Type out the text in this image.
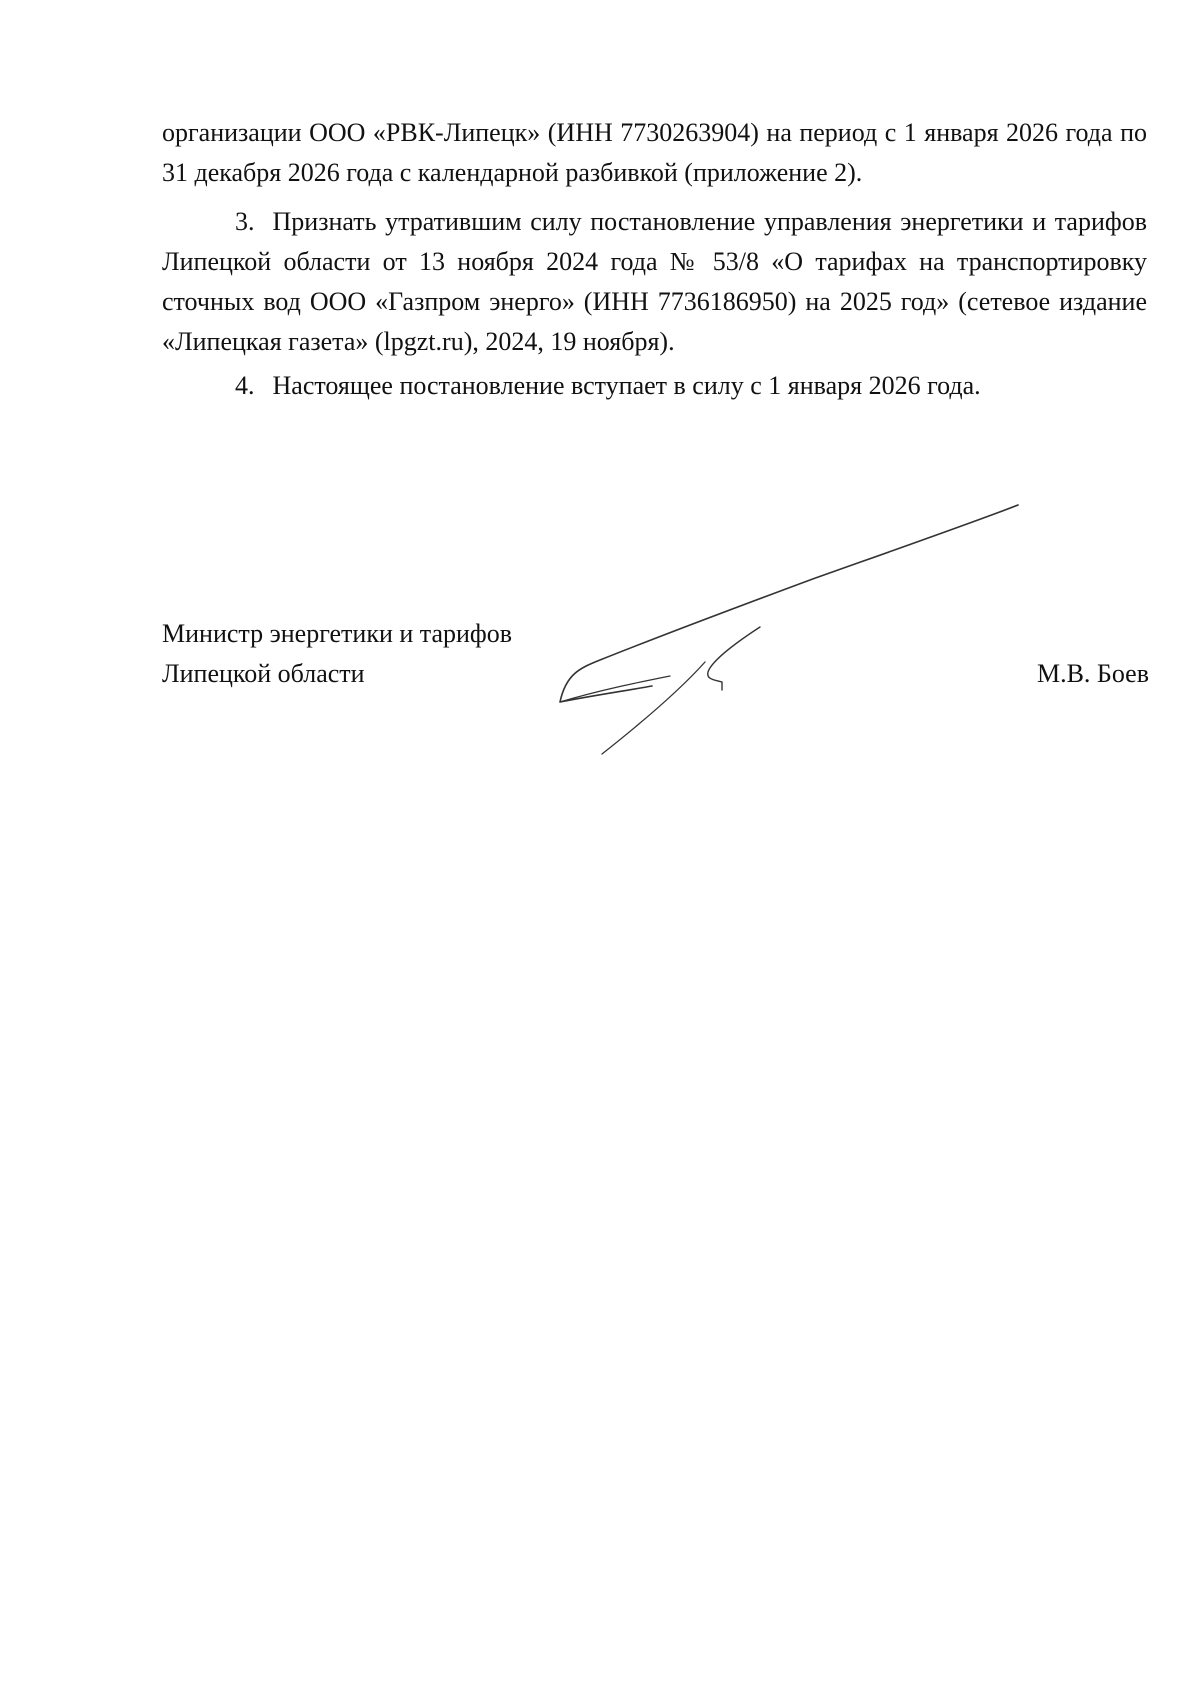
организации ООО «РВК-Липецк» (ИНН 7730263904) на период с 1 января 2026 года по 31 декабря 2026 года с календарной разбивкой (приложение 2).

3. Признать утратившим силу постановление управления энергетики и тарифов Липецкой области от 13 ноября 2024 года № 53/8 «О тарифах на транспортировку сточных вод ООО «Газпром энерго» (ИНН 7736186950) на 2025 год» (сетевое издание «Липецкая газета» (lpgzt.ru), 2024, 19 ноября).

4. Настоящее постановление вступает в силу с 1 января 2026 года.

Министр энергетики и тарифов
Липецкой области	М.В. Боев
